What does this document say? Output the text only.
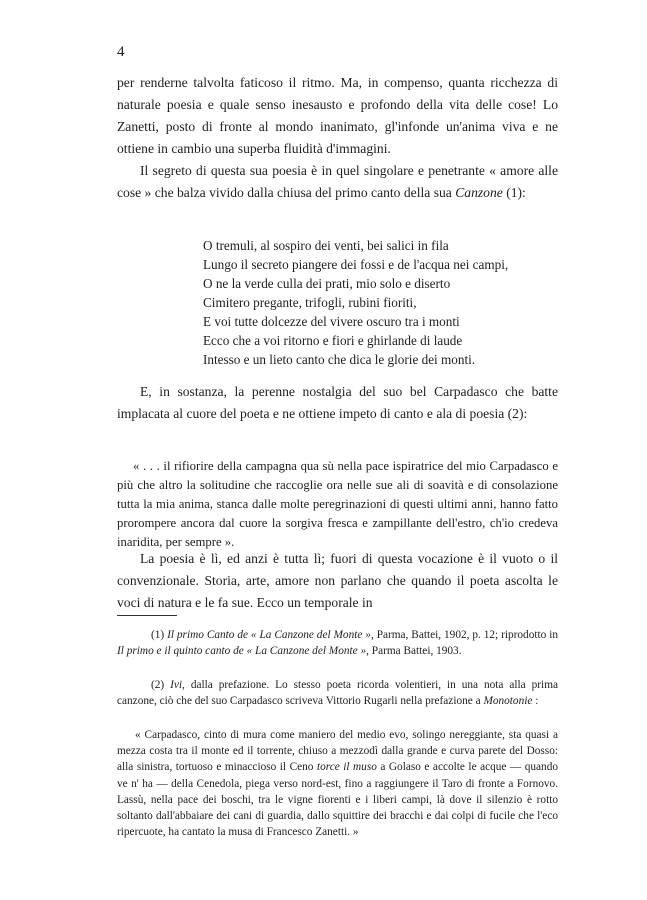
4

per renderne talvolta faticoso il ritmo. Ma, in compenso, quanta ricchezza di naturale poesia e quale senso inesausto e profondo della vita delle cose! Lo Zanetti, posto di fronte al mondo inanimato, gl'infonde un'anima viva e ne ottiene in cambio una superba fluidità d'immagini.

Il segreto di questa sua poesia è in quel singolare e penetrante « amore alle cose » che balza vivido dalla chiusa del primo canto della sua Canzone (1):

O tremuli, al sospiro dei venti, bei salici in fila
Lungo il secreto piangere dei fossi e de l'acqua nei campi,
O ne la verde culla dei prati, mio solo e diserto
Cimitero pregante, trifogli, rubini fioriti,
E voi tutte dolcezze del vivere oscuro tra i monti
Ecco che a voi ritorno e fiori e ghirlande di laude
Intesso e un lieto canto che dica le glorie dei monti.

E, in sostanza, la perenne nostalgia del suo bel Carpadasco che batte implacata al cuore del poeta e ne ottiene impeto di canto e ala di poesia (2):

« . . . il rifiorire della campagna qua sù nella pace ispiratrice del mio Carpadasco e più che altro la solitudine che raccoglie ora nelle sue ali di soavità e di consolazione tutta la mia anima, stanca dalle molte peregrinazioni di questi ultimi anni, hanno fatto prorompere ancora dal cuore la sorgiva fresca e zampillante dell'estro, ch'io credeva inaridita, per sempre ».

La poesia è lì, ed anzi è tutta lì; fuori di questa vocazione è il vuoto o il convenzionale. Storia, arte, amore non parlano che quando il poeta ascolta le voci di natura e le fa sue. Ecco un temporale in

(1) Il primo Canto de « La Canzone del Monte », Parma, Battei, 1902, p. 12; riprodotto in Il primo e il quinto canto de « La Canzone del Monte », Parma Battei, 1903.

(2) Ivi, dalla prefazione. Lo stesso poeta ricorda volentieri, in una nota alla prima canzone, ciò che del suo Carpadasco scriveva Vittorio Rugarli nella prefazione a Monotonie :

« Carpadasco, cinto di mura come maniero del medio evo, solingo nereggiante, sta quasi a mezza costa tra il monte ed il torrente, chiuso a mezzodì dalla grande e curva parete del Dosso: alla sinistra, tortuoso e minaccioso il Ceno torce il muso a Golaso e accolte le acque — quando ve n' ha — della Cenedola, piega verso nord-est, fino a raggiungere il Taro di fronte a Fornovo. Lassù, nella pace dei boschi, tra le vigne fiorenti e i liberi campi, là dove il silenzio è rotto soltanto dall'abbaiare dei cani di guardia, dallo squittire dei bracchi e dai colpi di fucile che l'eco ripercuote, ha cantato la musa di Francesco Zanetti. »
